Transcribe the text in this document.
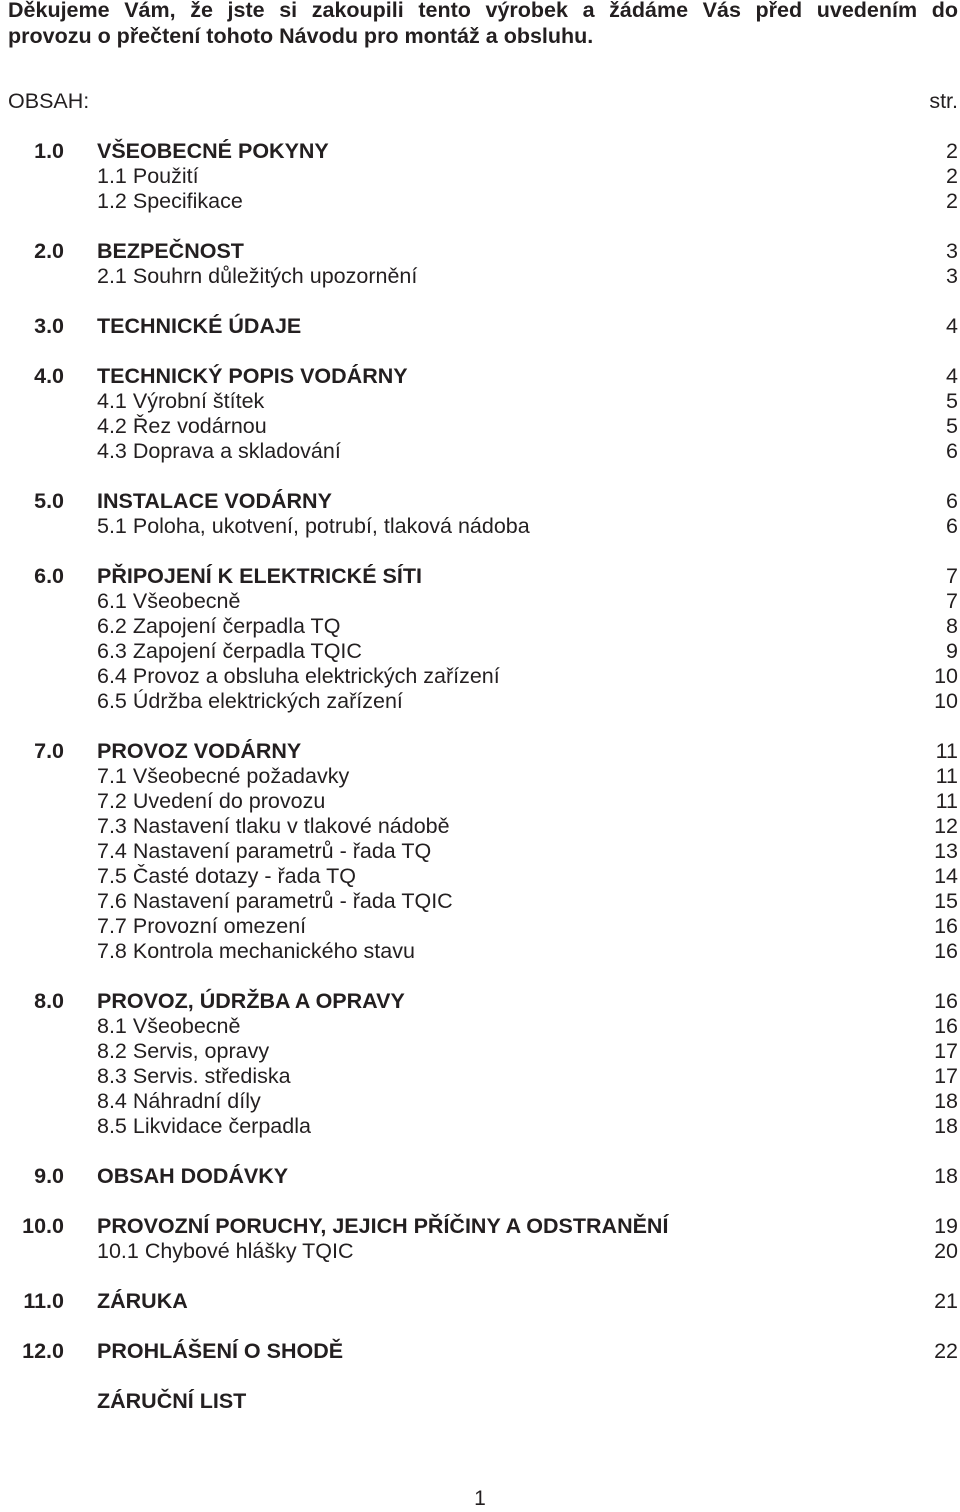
Děkujeme Vám, že jste si zakoupili tento výrobek a žádáme Vás před uvedením do
provozu o přečtení tohoto Návodu pro montáž a obsluhu.
OBSAH:	str.
1.0 VŠEOBECNÉ POKYNY	2
1.1 Použití	2
1.2 Specifikace	2
2.0 BEZPEČNOST	3
2.1 Souhrn důležitých upozornění	3
3.0 TECHNICKÉ ÚDAJE	4
4.0 TECHNICKÝ POPIS VODÁRNY	4
4.1 Výrobní štítek	5
4.2 Řez vodárnou	5
4.3 Doprava a skladování	6
5.0 INSTALACE VODÁRNY	6
5.1 Poloha, ukotvení, potrubí, tlaková nádoba	6
6.0 PŘIPOJENÍ K ELEKTRICKÉ SÍTI	7
6.1 Všeobecně	7
6.2 Zapojení čerpadla TQ	8
6.3 Zapojení čerpadla TQIC	9
6.4 Provoz a obsluha elektrických zařízení	10
6.5 Údržba elektrických zařízení	10
7.0 PROVOZ VODÁRNY	11
7.1 Všeobecné požadavky	11
7.2 Uvedení do provozu	11
7.3 Nastavení tlaku v tlakové nádobě	12
7.4 Nastavení parametrů - řada TQ	13
7.5 Časté dotazy - řada TQ	14
7.6 Nastavení parametrů - řada TQIC	15
7.7 Provozní omezení	16
7.8 Kontrola mechanického stavu	16
8.0 PROVOZ, ÚDRŽBA A OPRAVY	16
8.1 Všeobecně	16
8.2 Servis, opravy	17
8.3 Servis. střediska	17
8.4 Náhradní díly	18
8.5 Likvidace čerpadla	18
9.0 OBSAH DODÁVKY	18
10.0 PROVOZNÍ PORUCHY, JEJICH PŘÍČINY A ODSTRANĚNÍ	19
10.1 Chybové hlášky TQIC	20
11.0 ZÁRUKA	21
12.0 PROHLÁŠENÍ O SHODĚ	22
ZÁRUČNÍ LIST
1
